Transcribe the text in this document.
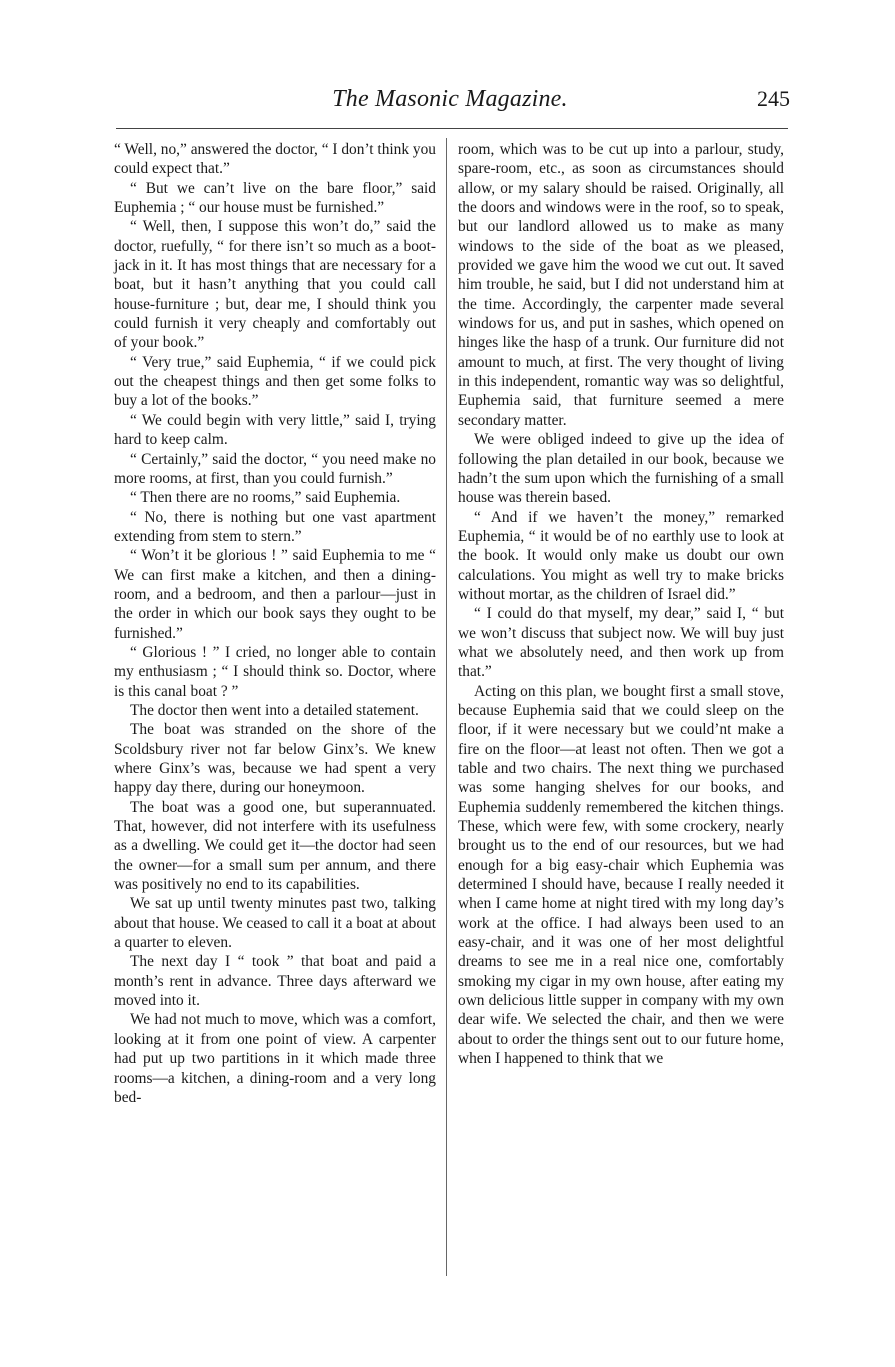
The Masonic Magazine.	245

“ Well, no,” answered the doctor, “ I don’t think you could expect that.”

“ But we can’t live on the bare floor,” said Euphemia ; “ our house must be furnished.”

“ Well, then, I suppose this won’t do,” said the doctor, ruefully, “ for there isn’t so much as a boot-jack in it. It has most things that are necessary for a boat, but it hasn’t anything that you could call house-furniture ; but, dear me, I should think you could furnish it very cheaply and comfortably out of your book.”

“ Very true,” said Euphemia, “ if we could pick out the cheapest things and then get some folks to buy a lot of the books.”

“ We could begin with very little,” said I, trying hard to keep calm.

“ Certainly,” said the doctor, “ you need make no more rooms, at first, than you could furnish.”

“ Then there are no rooms,” said Euphemia.

“ No, there is nothing but one vast apartment extending from stem to stern.”

“ Won’t it be glorious ! ” said Euphemia to me “ We can first make a kitchen, and then a dining-room, and a bedroom, and then a parlour—just in the order in which our book says they ought to be furnished.”

“ Glorious ! ” I cried, no longer able to contain my enthusiasm ; “ I should think so. Doctor, where is this canal boat ? ”

The doctor then went into a detailed statement.

The boat was stranded on the shore of the Scoldsbury river not far below Ginx’s. We knew where Ginx’s was, because we had spent a very happy day there, during our honeymoon.

The boat was a good one, but superannuated. That, however, did not interfere with its usefulness as a dwelling. We could get it—the doctor had seen the owner—for a small sum per annum, and there was positively no end to its capabilities.

We sat up until twenty minutes past two, talking about that house. We ceased to call it a boat at about a quarter to eleven.

The next day I “ took ” that boat and paid a month’s rent in advance. Three days afterward we moved into it.

We had not much to move, which was a comfort, looking at it from one point of view. A carpenter had put up two partitions in it which made three rooms—a kitchen, a dining-room and a very long bed-

room, which was to be cut up into a parlour, study, spare-room, etc., as soon as circumstances should allow, or my salary should be raised. Originally, all the doors and windows were in the roof, so to speak, but our landlord allowed us to make as many windows to the side of the boat as we pleased, provided we gave him the wood we cut out. It saved him trouble, he said, but I did not understand him at the time. Accordingly, the carpenter made several windows for us, and put in sashes, which opened on hinges like the hasp of a trunk. Our furniture did not amount to much, at first. The very thought of living in this independent, romantic way was so delightful, Euphemia said, that furniture seemed a mere secondary matter.

We were obliged indeed to give up the idea of following the plan detailed in our book, because we hadn’t the sum upon which the furnishing of a small house was therein based.

“ And if we haven’t the money,” remarked Euphemia, “ it would be of no earthly use to look at the book. It would only make us doubt our own calculations. You might as well try to make bricks without mortar, as the children of Israel did.”

“ I could do that myself, my dear,” said I, “ but we won’t discuss that subject now. We will buy just what we absolutely need, and then work up from that.”

Acting on this plan, we bought first a small stove, because Euphemia said that we could sleep on the floor, if it were necessary but we could’nt make a fire on the floor—at least not often. Then we got a table and two chairs. The next thing we purchased was some hanging shelves for our books, and Euphemia suddenly remembered the kitchen things. These, which were few, with some crockery, nearly brought us to the end of our resources, but we had enough for a big easy-chair which Euphemia was determined I should have, because I really needed it when I came home at night tired with my long day’s work at the office. I had always been used to an easy-chair, and it was one of her most delightful dreams to see me in a real nice one, comfortably smoking my cigar in my own house, after eating my own delicious little supper in company with my own dear wife. We selected the chair, and then we were about to order the things sent out to our future home, when I happened to think that we
